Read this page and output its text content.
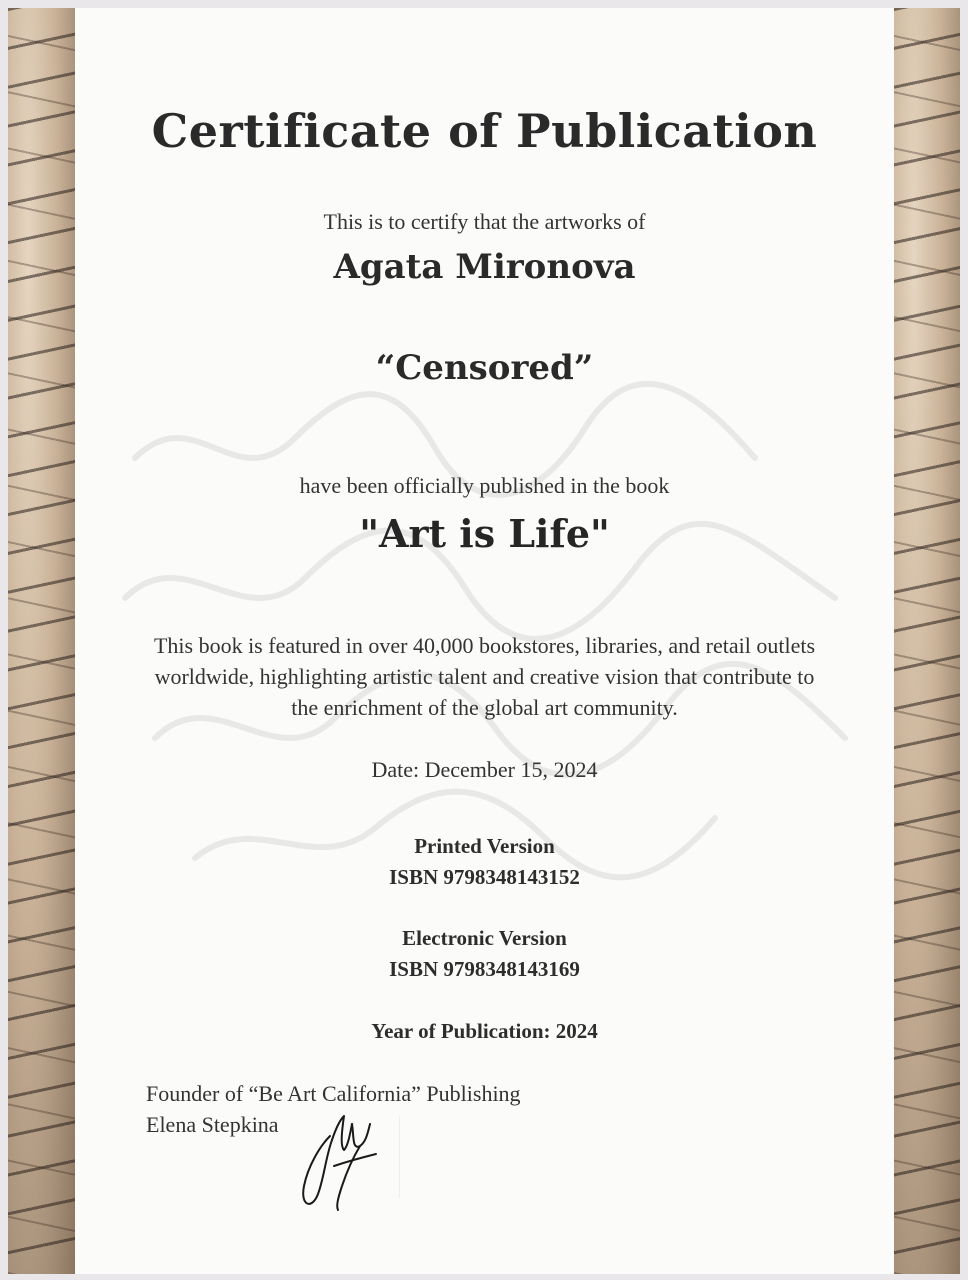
Certificate of Publication
This is to certify that the artworks of
Agata Mironova
“Censored”
have been officially published in the book
"Art is Life"
This book is featured in over 40,000 bookstores, libraries, and retail outlets worldwide, highlighting artistic talent and creative vision that contribute to the enrichment of the global art community.
Date: December 15, 2024
Printed Version
ISBN 9798348143152
Electronic Version
ISBN 9798348143169
Year of Publication: 2024
Founder of “Be Art California” Publishing
Elena Stepkina
